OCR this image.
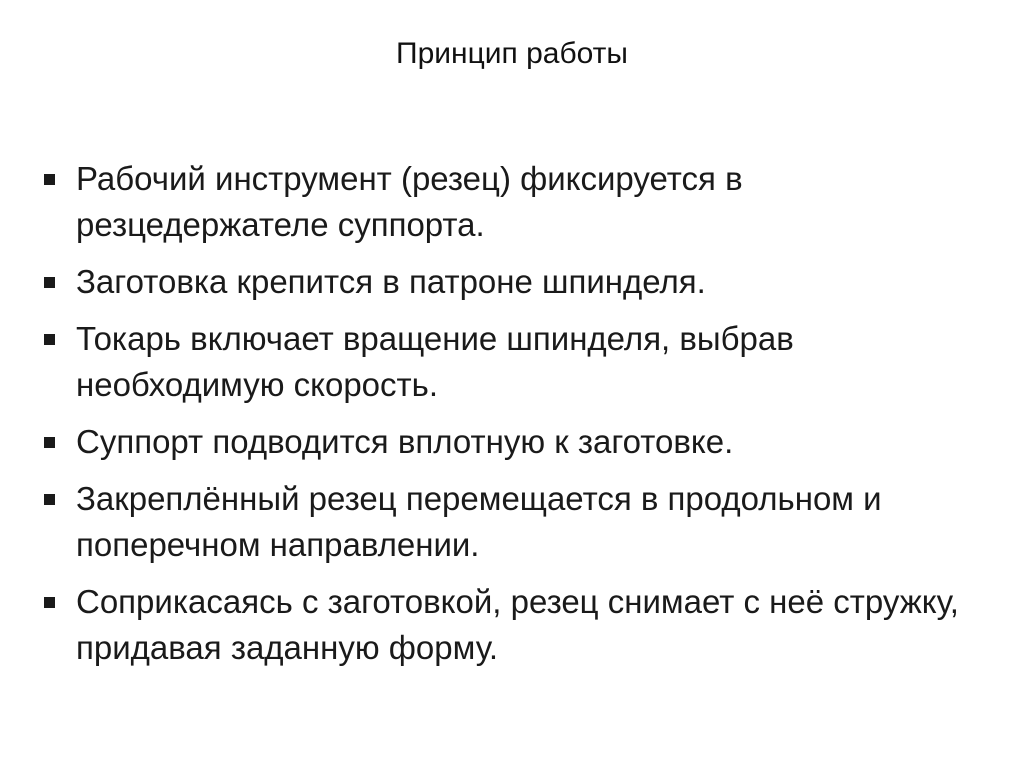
Принцип работы
Рабочий инструмент (резец) фиксируется в резцедержателе суппорта.
Заготовка крепится в патроне шпинделя.
Токарь включает вращение шпинделя, выбрав необходимую скорость.
Суппорт подводится вплотную к заготовке.
Закреплённый резец перемещается в продольном и поперечном направлении.
Соприкасаясь с заготовкой, резец снимает с неё стружку, придавая заданную форму.
